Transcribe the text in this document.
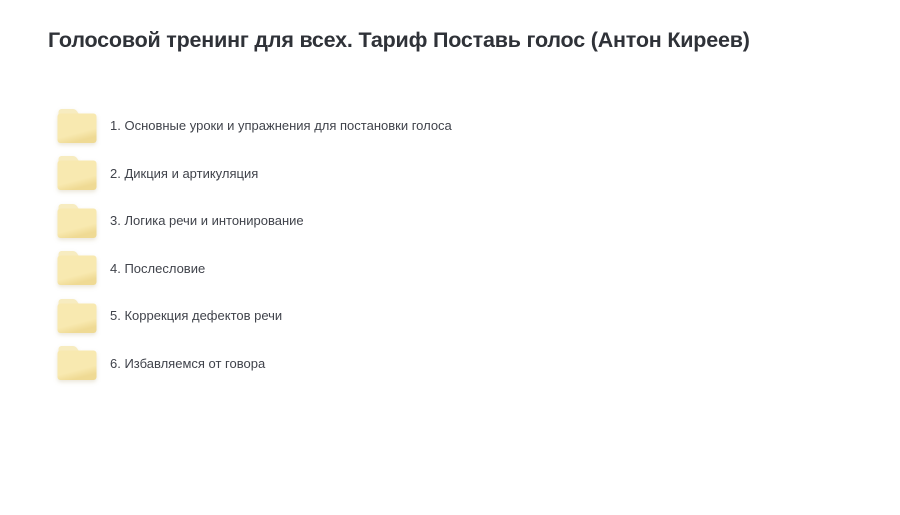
Голосовой тренинг для всех. Тариф Поставь голос (Антон Киреев)
1. Основные уроки и упражнения для постановки голоса
2. Дикция и артикуляция
3. Логика речи и интонирование
4. Послесловие
5. Коррекция дефектов речи
6. Избавляемся от говора
